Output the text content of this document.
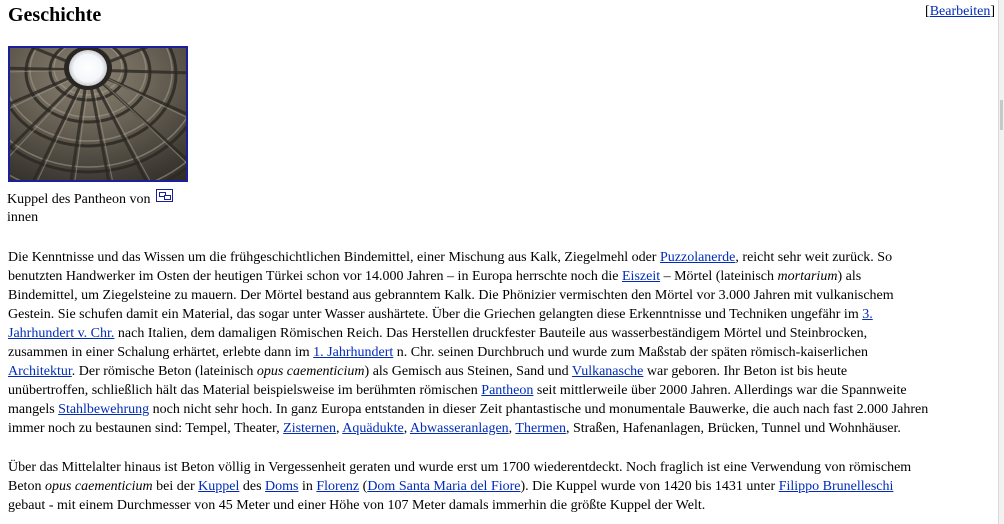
Geschichte	[Bearbeiten]
Kuppel des Pantheon von

innen

Die Kenntnisse und das Wissen um die frühgeschichtlichen Bindemittel, einer Mischung aus Kalk, Ziegelmehl oder Puzzolanerde, reicht sehr weit zurück. So
benutzten Handwerker im Osten der heutigen Türkei schon vor 14.000 Jahren – in Europa herrschte noch die Eiszeit – Mörtel (lateinisch mortarium) als
Bindemittel, um Ziegelsteine zu mauern. Der Mörtel bestand aus gebranntem Kalk. Die Phönizier vermischten den Mörtel vor 3.000 Jahren mit vulkanischem
Gestein. Sie schufen damit ein Material, das sogar unter Wasser aushärtete. Über die Griechen gelangten diese Erkenntnisse und Techniken ungefähr im 3.
Jahrhundert v. Chr. nach Italien, dem damaligen Römischen Reich. Das Herstellen druckfester Bauteile aus wasserbeständigem Mörtel und Steinbrocken,
zusammen in einer Schalung erhärtet, erlebte dann im 1. Jahrhundert n. Chr. seinen Durchbruch und wurde zum Maßstab der späten römisch-kaiserlichen
Architektur. Der römische Beton (lateinisch opus caementicium) als Gemisch aus Steinen, Sand und Vulkanasche war geboren. Ihr Beton ist bis heute
unübertroffen, schließlich hält das Material beispielsweise im berühmten römischen Pantheon seit mittlerweile über 2000 Jahren. Allerdings war die Spannweite
mangels Stahlbewehrung noch nicht sehr hoch. In ganz Europa entstanden in dieser Zeit phantastische und monumentale Bauwerke, die auch nach fast 2.000 Jahren
immer noch zu bestaunen sind: Tempel, Theater, Zisternen, Aquädukte, Abwasseranlagen, Thermen, Straßen, Hafenanlagen, Brücken, Tunnel und Wohnhäuser.

Über das Mittelalter hinaus ist Beton völlig in Vergessenheit geraten und wurde erst um 1700 wiederentdeckt. Noch fraglich ist eine Verwendung von römischem
Beton opus caementicium bei der Kuppel des Doms in Florenz (Dom Santa Maria del Fiore). Die Kuppel wurde von 1420 bis 1431 unter Filippo Brunelleschi
gebaut - mit einem Durchmesser von 45 Meter und einer Höhe von 107 Meter damals immerhin die größte Kuppel der Welt.
